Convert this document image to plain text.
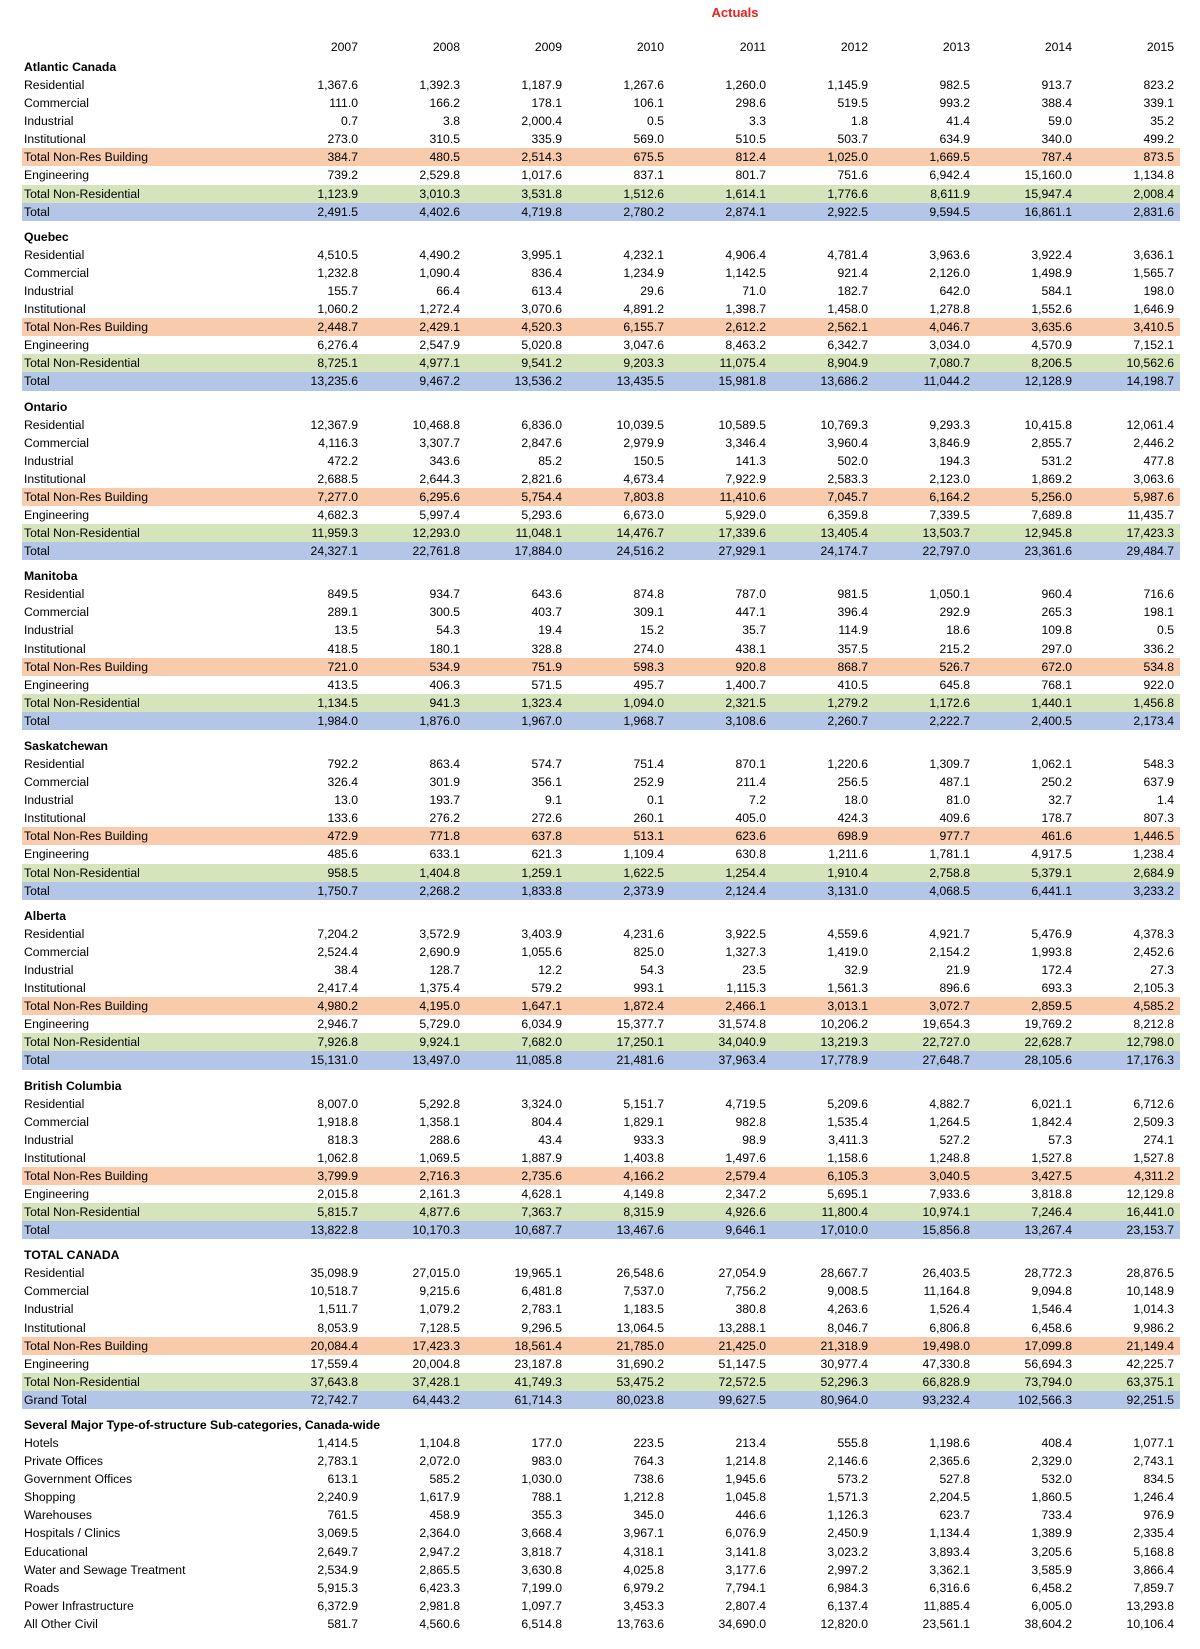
Actuals
2007	2008	2009	2010	2011	2012	2013	2014	2015
Atlantic Canada
Residential	1,367.6	1,392.3	1,187.9	1,267.6	1,260.0	1,145.9	982.5	913.7	823.2
Commercial	111.0	166.2	178.1	106.1	298.6	519.5	993.2	388.4	339.1
Industrial	0.7	3.8	2,000.4	0.5	3.3	1.8	41.4	59.0	35.2
Institutional	273.0	310.5	335.9	569.0	510.5	503.7	634.9	340.0	499.2
Total Non-Res Building	384.7	480.5	2,514.3	675.5	812.4	1,025.0	1,669.5	787.4	873.5
Engineering	739.2	2,529.8	1,017.6	837.1	801.7	751.6	6,942.4	15,160.0	1,134.8
Total Non-Residential	1,123.9	3,010.3	3,531.8	1,512.6	1,614.1	1,776.6	8,611.9	15,947.4	2,008.4
Total	2,491.5	4,402.6	4,719.8	2,780.2	2,874.1	2,922.5	9,594.5	16,861.1	2,831.6
Quebec
Residential	4,510.5	4,490.2	3,995.1	4,232.1	4,906.4	4,781.4	3,963.6	3,922.4	3,636.1
Commercial	1,232.8	1,090.4	836.4	1,234.9	1,142.5	921.4	2,126.0	1,498.9	1,565.7
Industrial	155.7	66.4	613.4	29.6	71.0	182.7	642.0	584.1	198.0
Institutional	1,060.2	1,272.4	3,070.6	4,891.2	1,398.7	1,458.0	1,278.8	1,552.6	1,646.9
Total Non-Res Building	2,448.7	2,429.1	4,520.3	6,155.7	2,612.2	2,562.1	4,046.7	3,635.6	3,410.5
Engineering	6,276.4	2,547.9	5,020.8	3,047.6	8,463.2	6,342.7	3,034.0	4,570.9	7,152.1
Total Non-Residential	8,725.1	4,977.1	9,541.2	9,203.3	11,075.4	8,904.9	7,080.7	8,206.5	10,562.6
Total	13,235.6	9,467.2	13,536.2	13,435.5	15,981.8	13,686.2	11,044.2	12,128.9	14,198.7
Ontario
Residential	12,367.9	10,468.8	6,836.0	10,039.5	10,589.5	10,769.3	9,293.3	10,415.8	12,061.4
Commercial	4,116.3	3,307.7	2,847.6	2,979.9	3,346.4	3,960.4	3,846.9	2,855.7	2,446.2
Industrial	472.2	343.6	85.2	150.5	141.3	502.0	194.3	531.2	477.8
Institutional	2,688.5	2,644.3	2,821.6	4,673.4	7,922.9	2,583.3	2,123.0	1,869.2	3,063.6
Total Non-Res Building	7,277.0	6,295.6	5,754.4	7,803.8	11,410.6	7,045.7	6,164.2	5,256.0	5,987.6
Engineering	4,682.3	5,997.4	5,293.6	6,673.0	5,929.0	6,359.8	7,339.5	7,689.8	11,435.7
Total Non-Residential	11,959.3	12,293.0	11,048.1	14,476.7	17,339.6	13,405.4	13,503.7	12,945.8	17,423.3
Total	24,327.1	22,761.8	17,884.0	24,516.2	27,929.1	24,174.7	22,797.0	23,361.6	29,484.7
Manitoba
Residential	849.5	934.7	643.6	874.8	787.0	981.5	1,050.1	960.4	716.6
Commercial	289.1	300.5	403.7	309.1	447.1	396.4	292.9	265.3	198.1
Industrial	13.5	54.3	19.4	15.2	35.7	114.9	18.6	109.8	0.5
Institutional	418.5	180.1	328.8	274.0	438.1	357.5	215.2	297.0	336.2
Total Non-Res Building	721.0	534.9	751.9	598.3	920.8	868.7	526.7	672.0	534.8
Engineering	413.5	406.3	571.5	495.7	1,400.7	410.5	645.8	768.1	922.0
Total Non-Residential	1,134.5	941.3	1,323.4	1,094.0	2,321.5	1,279.2	1,172.6	1,440.1	1,456.8
Total	1,984.0	1,876.0	1,967.0	1,968.7	3,108.6	2,260.7	2,222.7	2,400.5	2,173.4
Saskatchewan
Residential	792.2	863.4	574.7	751.4	870.1	1,220.6	1,309.7	1,062.1	548.3
Commercial	326.4	301.9	356.1	252.9	211.4	256.5	487.1	250.2	637.9
Industrial	13.0	193.7	9.1	0.1	7.2	18.0	81.0	32.7	1.4
Institutional	133.6	276.2	272.6	260.1	405.0	424.3	409.6	178.7	807.3
Total Non-Res Building	472.9	771.8	637.8	513.1	623.6	698.9	977.7	461.6	1,446.5
Engineering	485.6	633.1	621.3	1,109.4	630.8	1,211.6	1,781.1	4,917.5	1,238.4
Total Non-Residential	958.5	1,404.8	1,259.1	1,622.5	1,254.4	1,910.4	2,758.8	5,379.1	2,684.9
Total	1,750.7	2,268.2	1,833.8	2,373.9	2,124.4	3,131.0	4,068.5	6,441.1	3,233.2
Alberta
Residential	7,204.2	3,572.9	3,403.9	4,231.6	3,922.5	4,559.6	4,921.7	5,476.9	4,378.3
Commercial	2,524.4	2,690.9	1,055.6	825.0	1,327.3	1,419.0	2,154.2	1,993.8	2,452.6
Industrial	38.4	128.7	12.2	54.3	23.5	32.9	21.9	172.4	27.3
Institutional	2,417.4	1,375.4	579.2	993.1	1,115.3	1,561.3	896.6	693.3	2,105.3
Total Non-Res Building	4,980.2	4,195.0	1,647.1	1,872.4	2,466.1	3,013.1	3,072.7	2,859.5	4,585.2
Engineering	2,946.7	5,729.0	6,034.9	15,377.7	31,574.8	10,206.2	19,654.3	19,769.2	8,212.8
Total Non-Residential	7,926.8	9,924.1	7,682.0	17,250.1	34,040.9	13,219.3	22,727.0	22,628.7	12,798.0
Total	15,131.0	13,497.0	11,085.8	21,481.6	37,963.4	17,778.9	27,648.7	28,105.6	17,176.3
British Columbia
Residential	8,007.0	5,292.8	3,324.0	5,151.7	4,719.5	5,209.6	4,882.7	6,021.1	6,712.6
Commercial	1,918.8	1,358.1	804.4	1,829.1	982.8	1,535.4	1,264.5	1,842.4	2,509.3
Industrial	818.3	288.6	43.4	933.3	98.9	3,411.3	527.2	57.3	274.1
Institutional	1,062.8	1,069.5	1,887.9	1,403.8	1,497.6	1,158.6	1,248.8	1,527.8	1,527.8
Total Non-Res Building	3,799.9	2,716.3	2,735.6	4,166.2	2,579.4	6,105.3	3,040.5	3,427.5	4,311.2
Engineering	2,015.8	2,161.3	4,628.1	4,149.8	2,347.2	5,695.1	7,933.6	3,818.8	12,129.8
Total Non-Residential	5,815.7	4,877.6	7,363.7	8,315.9	4,926.6	11,800.4	10,974.1	7,246.4	16,441.0
Total	13,822.8	10,170.3	10,687.7	13,467.6	9,646.1	17,010.0	15,856.8	13,267.4	23,153.7
TOTAL CANADA
Residential	35,098.9	27,015.0	19,965.1	26,548.6	27,054.9	28,667.7	26,403.5	28,772.3	28,876.5
Commercial	10,518.7	9,215.6	6,481.8	7,537.0	7,756.2	9,008.5	11,164.8	9,094.8	10,148.9
Industrial	1,511.7	1,079.2	2,783.1	1,183.5	380.8	4,263.6	1,526.4	1,546.4	1,014.3
Institutional	8,053.9	7,128.5	9,296.5	13,064.5	13,288.1	8,046.7	6,806.8	6,458.6	9,986.2
Total Non-Res Building	20,084.4	17,423.3	18,561.4	21,785.0	21,425.0	21,318.9	19,498.0	17,099.8	21,149.4
Engineering	17,559.4	20,004.8	23,187.8	31,690.2	51,147.5	30,977.4	47,330.8	56,694.3	42,225.7
Total Non-Residential	37,643.8	37,428.1	41,749.3	53,475.2	72,572.5	52,296.3	66,828.9	73,794.0	63,375.1
Grand Total	72,742.7	64,443.2	61,714.3	80,023.8	99,627.5	80,964.0	93,232.4	102,566.3	92,251.5
Several Major Type-of-structure Sub-categories, Canada-wide
Hotels	1,414.5	1,104.8	177.0	223.5	213.4	555.8	1,198.6	408.4	1,077.1
Private Offices	2,783.1	2,072.0	983.0	764.3	1,214.8	2,146.6	2,365.6	2,329.0	2,743.1
Government Offices	613.1	585.2	1,030.0	738.6	1,945.6	573.2	527.8	532.0	834.5
Shopping	2,240.9	1,617.9	788.1	1,212.8	1,045.8	1,571.3	2,204.5	1,860.5	1,246.4
Warehouses	761.5	458.9	355.3	345.0	446.6	1,126.3	623.7	733.4	976.9
Hospitals / Clinics	3,069.5	2,364.0	3,668.4	3,967.1	6,076.9	2,450.9	1,134.4	1,389.9	2,335.4
Educational	2,649.7	2,947.2	3,818.7	4,318.1	3,141.8	3,023.2	3,893.4	3,205.6	5,168.8
Water and Sewage Treatment	2,534.9	2,865.5	3,630.8	4,025.8	3,177.6	2,997.2	3,362.1	3,585.9	3,866.4
Roads	5,915.3	6,423.3	7,199.0	6,979.2	7,794.1	6,984.3	6,316.6	6,458.2	7,859.7
Power Infrastructure	6,372.9	2,981.8	1,097.7	3,453.3	2,807.4	6,137.4	11,885.4	6,005.0	13,293.8
All Other Civil	581.7	4,560.6	6,514.8	13,763.6	34,690.0	12,820.0	23,561.1	38,604.2	10,106.4
